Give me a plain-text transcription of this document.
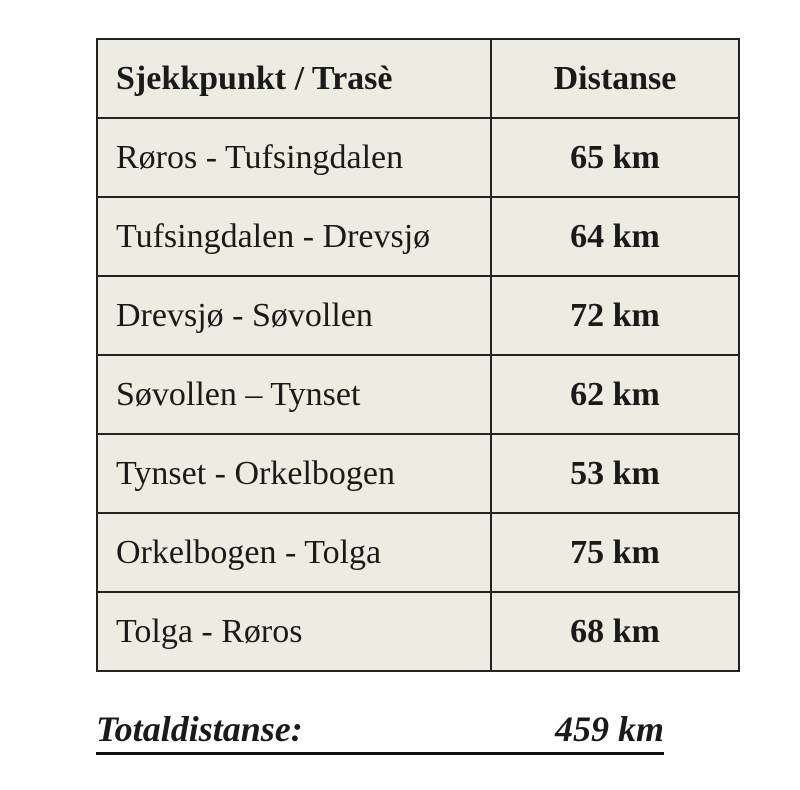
Sjekkpunkt / Trasè	Distanse
Røros - Tufsingdalen	65 km
Tufsingdalen - Drevsjø	64 km
Drevsjø - Søvollen	72 km
Søvollen – Tynset	62 km
Tynset - Orkelbogen	53 km
Orkelbogen - Tolga	75 km
Tolga - Røros	68 km
Totaldistanse:	459 km
